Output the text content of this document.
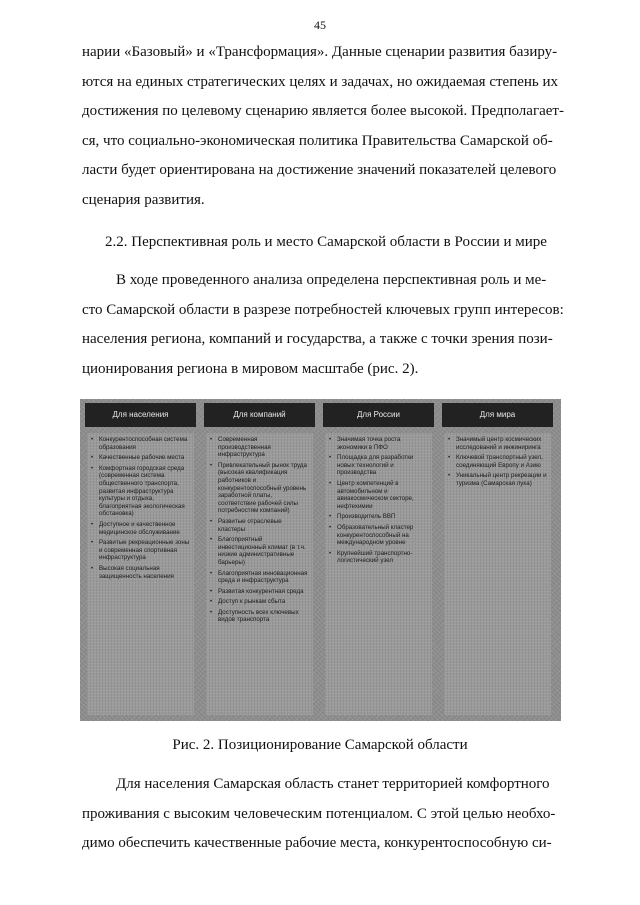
45
нарии «Базовый» и «Трансформация». Данные сценарии развития базиру-
ются на единых стратегических целях и задачах, но ожидаемая степень их
достижения по целевому сценарию является более высокой. Предполагает-
ся, что социально-экономическая политика Правительства Самарской об-
ласти будет ориентирована на достижение значений показателей целевого
сценария развития.
2.2. Перспективная роль и место Самарской области в России и мире
В ходе проведенного анализа определена перспективная роль и ме-
сто Самарской области в разрезе потребностей ключевых групп интересов:
населения региона, компаний и государства, а также с точки зрения пози-
ционирования региона в мировом масштабе (рис. 2).
Для населения
• Конкурентоспособная система образования
• Качественные рабочие места
• Комфортная городская среда (современная система общественного транспорта, развитая инфраструктура культуры и отдыха, благоприятная экологическая обстановка)
• Доступное и качественное медицинское обслуживание
• Развитые рекреационные зоны и современная спортивная инфраструктура
• Высокая социальная защищенность населения
Для компаний
• Современная производственная инфраструктура
• Привлекательный рынок труда (высокая квалификация работников и конкурентоспособный уровень заработной платы, соответствие рабочей силы потребностям компаний)
• Развитые отраслевые кластеры
• Благоприятный инвестиционный климат (в т.ч. низкие административные барьеры)
• Благоприятная инновационная среда и инфраструктура
• Развитая конкурентная среда
• Доступ к рынкам сбыта
• Доступность всех ключевых видов транспорта
Для России
• Значимая точка роста экономики в ПФО
• Площадка для разработки новых технологий и производства
• Центр компетенций в автомобильном и авиакосмическом секторе, нефтехимии
• Производитель ВВП
• Образовательный кластер конкурентоспособный на международном уровне
• Крупнейший транспортно-логистический узел
Для мира
• Значимый центр космических исследований и инжиниринга
• Ключевой транспортный узел, соединяющий Европу и Азию
• Уникальный центр рекреации и туризма (Самарская лука)
Рис. 2. Позиционирование Самарской области
Для населения Самарская область станет территорией комфортного
проживания с высоким человеческим потенциалом. С этой целью необхо-
димо обеспечить качественные рабочие места, конкурентоспособную си-
